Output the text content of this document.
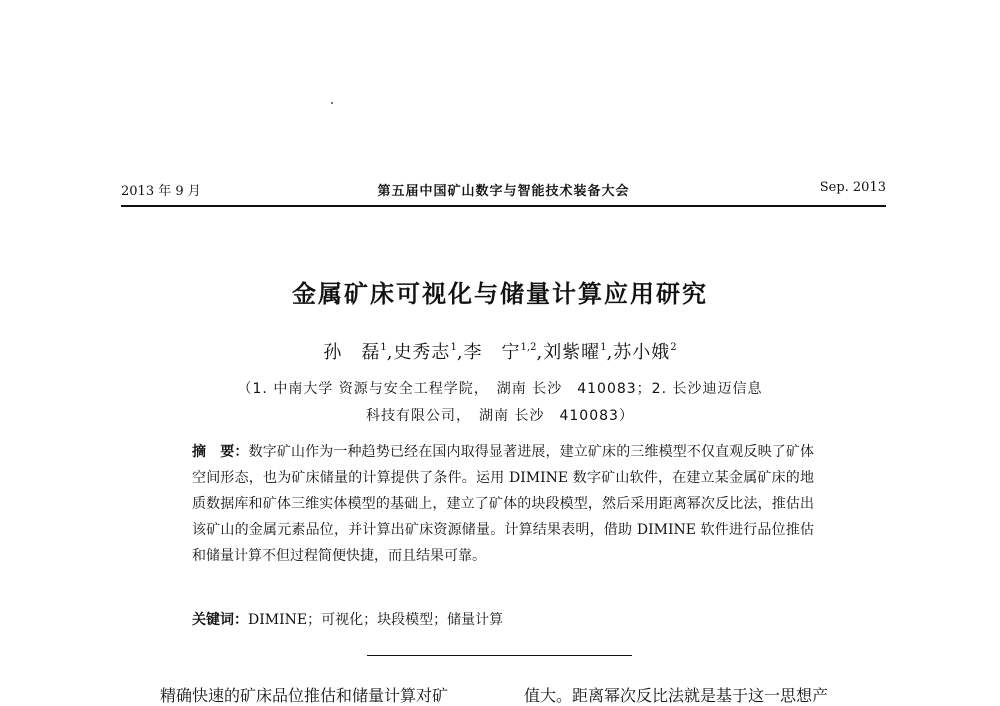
2013 年 9 月	第五届中国矿山数字与智能技术装备大会	Sep. 2013
金属矿床可视化与储量计算应用研究
孙　磊$^1$,史秀志$^1$,李　宁$^{1,2}$,刘紫曜$^1$,苏小娥$^2$
（1. 中南大学 资源与安全工程学院，　湖南 长沙　410083；2. 长沙迪迈信息
科技有限公司，　湖南 长沙　410083）
摘　要：数字矿山作为一种趋势已经在国内取得显著进展，建立矿床的三维模型不仅直观反映了矿体空间形态，也为矿床储量的计算提供了条件。运用 DIMINE 数字矿山软件，在建立某金属矿床的地质数据库和矿体三维实体模型的基础上，建立了矿体的块段模型，然后采用距离幂次反比法，推估出该矿山的金属元素品位，并计算出矿床资源储量。计算结果表明，借助 DIMINE 软件进行品位推估和储量计算不但过程简便快捷，而且结果可靠。
关键词：DIMINE；可视化；块段模型；储量计算
精确快速的矿床品位推估和储量计算对矿	值大。距离幂次反比法就是基于这一思想产
